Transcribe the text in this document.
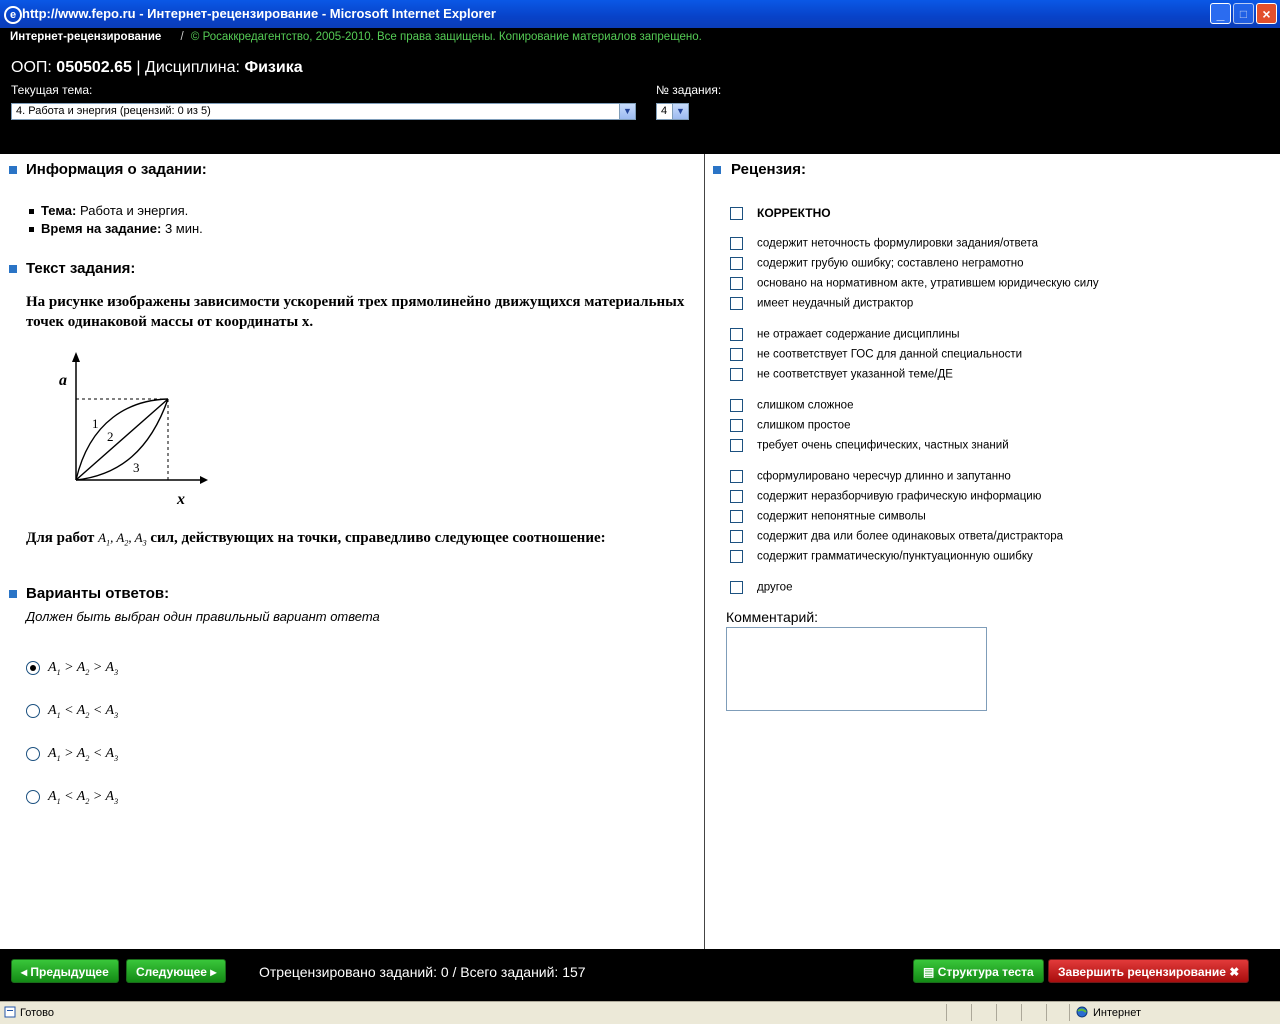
e http://www.fepo.ru - Интернет-рецензирование - Microsoft Internet Explorer	_	□	×
Интернет-рецензирование / © Росаккредагентство, 2005-2010. Все права защищены. Копирование материалов запрещено.
ООП: 050502.65 | Дисциплина: Физика
Текущая тема:
4. Работа и энергия (рецензий: 0 из 5)	▼
№ задания:
4 ▼
Информация о задании:
Тема: Работа и энергия.
Время на задание: 3 мин.
Текст задания:
На рисунке изображены зависимости ускорений трех прямолинейно движущихся материальных точек одинаковой массы от координаты x.
a
x
1
2
3
Для работ $A_1$, $A_2$, $A_3$ сил, действующих на точки, справедливо следующее соотношение:
Варианты ответов:
Должен быть выбран один правильный вариант ответа
$A_1 > A_2 > A_3$
$A_1 < A_2 < A_3$
$A_1 > A_2 < A_3$
$A_1 < A_2 > A_3$
Рецензия:
КОРРЕКТНО
содержит неточность формулировки задания/ответа
содержит грубую ошибку; составлено неграмотно
основано на нормативном акте, утратившем юридическую силу
имеет неудачный дистрактор
не отражает содержание дисциплины
не соответствует ГОС для данной специальности
не соответствует указанной теме/ДЕ
слишком сложное
слишком простое
требует очень специфических, частных знаний
сформулировано чересчур длинно и запутанно
содержит неразборчивую графическую информацию
содержит непонятные символы
содержит два или более одинаковых ответа/дистрактора
содержит грамматическую/пунктуационную ошибку
другое
Комментарий:
◂ Предыдущее	Следующее ▸	Отрецензировано заданий: 0 / Всего заданий: 157	▤ Структура теста	Завершить рецензирование ✖
Готово	Интернет
